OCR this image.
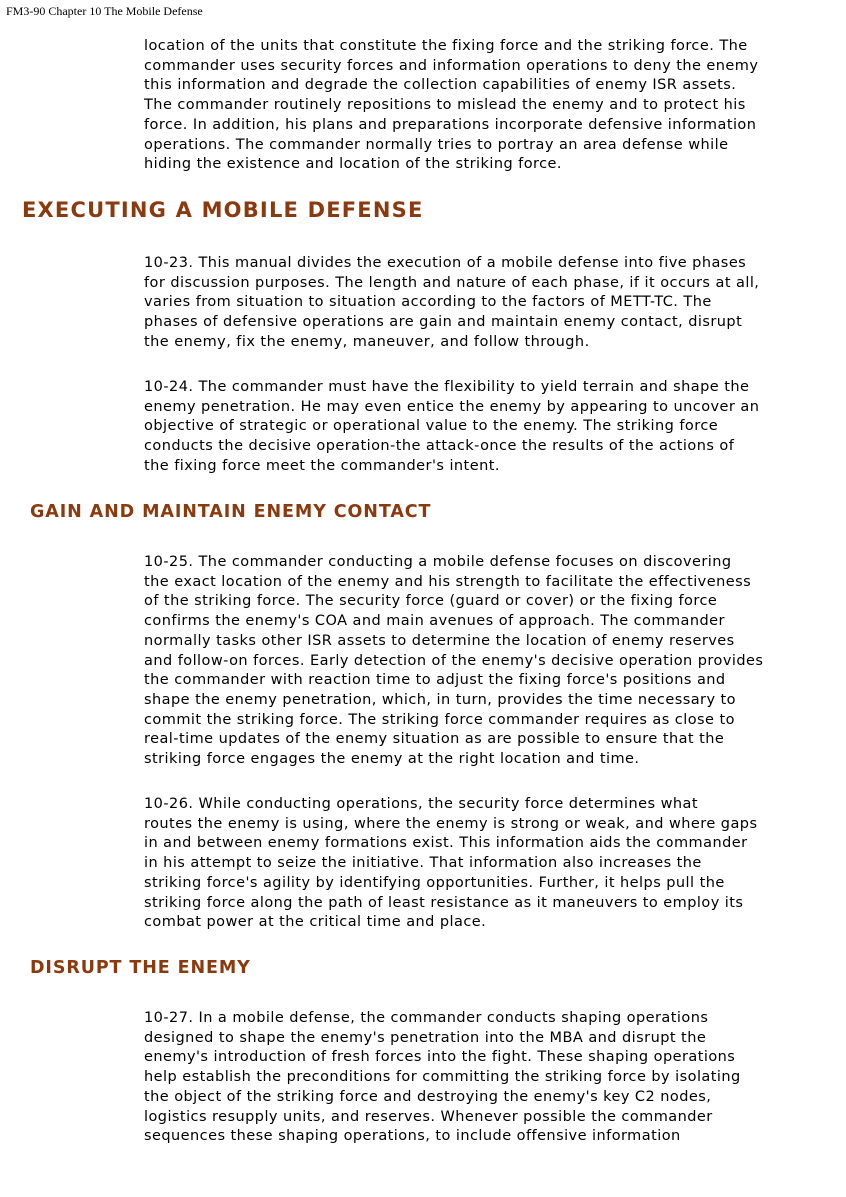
FM3-90 Chapter 10 The Mobile Defense

location of the units that constitute the fixing force and the striking force. The
commander uses security forces and information operations to deny the enemy
this information and degrade the collection capabilities of enemy ISR assets.
The commander routinely repositions to mislead the enemy and to protect his
force. In addition, his plans and preparations incorporate defensive information
operations. The commander normally tries to portray an area defense while
hiding the existence and location of the striking force.

EXECUTING A MOBILE DEFENSE

10-23. This manual divides the execution of a mobile defense into five phases
for discussion purposes. The length and nature of each phase, if it occurs at all,
varies from situation to situation according to the factors of METT-TC. The
phases of defensive operations are gain and maintain enemy contact, disrupt
the enemy, fix the enemy, maneuver, and follow through.

10-24. The commander must have the flexibility to yield terrain and shape the
enemy penetration. He may even entice the enemy by appearing to uncover an
objective of strategic or operational value to the enemy. The striking force
conducts the decisive operation-the attack-once the results of the actions of
the fixing force meet the commander's intent.

GAIN AND MAINTAIN ENEMY CONTACT

10-25. The commander conducting a mobile defense focuses on discovering
the exact location of the enemy and his strength to facilitate the effectiveness
of the striking force. The security force (guard or cover) or the fixing force
confirms the enemy's COA and main avenues of approach. The commander
normally tasks other ISR assets to determine the location of enemy reserves
and follow-on forces. Early detection of the enemy's decisive operation provides
the commander with reaction time to adjust the fixing force's positions and
shape the enemy penetration, which, in turn, provides the time necessary to
commit the striking force. The striking force commander requires as close to
real-time updates of the enemy situation as are possible to ensure that the
striking force engages the enemy at the right location and time.

10-26. While conducting operations, the security force determines what
routes the enemy is using, where the enemy is strong or weak, and where gaps
in and between enemy formations exist. This information aids the commander
in his attempt to seize the initiative. That information also increases the
striking force's agility by identifying opportunities. Further, it helps pull the
striking force along the path of least resistance as it maneuvers to employ its
combat power at the critical time and place.

DISRUPT THE ENEMY

10-27. In a mobile defense, the commander conducts shaping operations
designed to shape the enemy's penetration into the MBA and disrupt the
enemy's introduction of fresh forces into the fight. These shaping operations
help establish the preconditions for committing the striking force by isolating
the object of the striking force and destroying the enemy's key C2 nodes,
logistics resupply units, and reserves. Whenever possible the commander
sequences these shaping operations, to include offensive information
